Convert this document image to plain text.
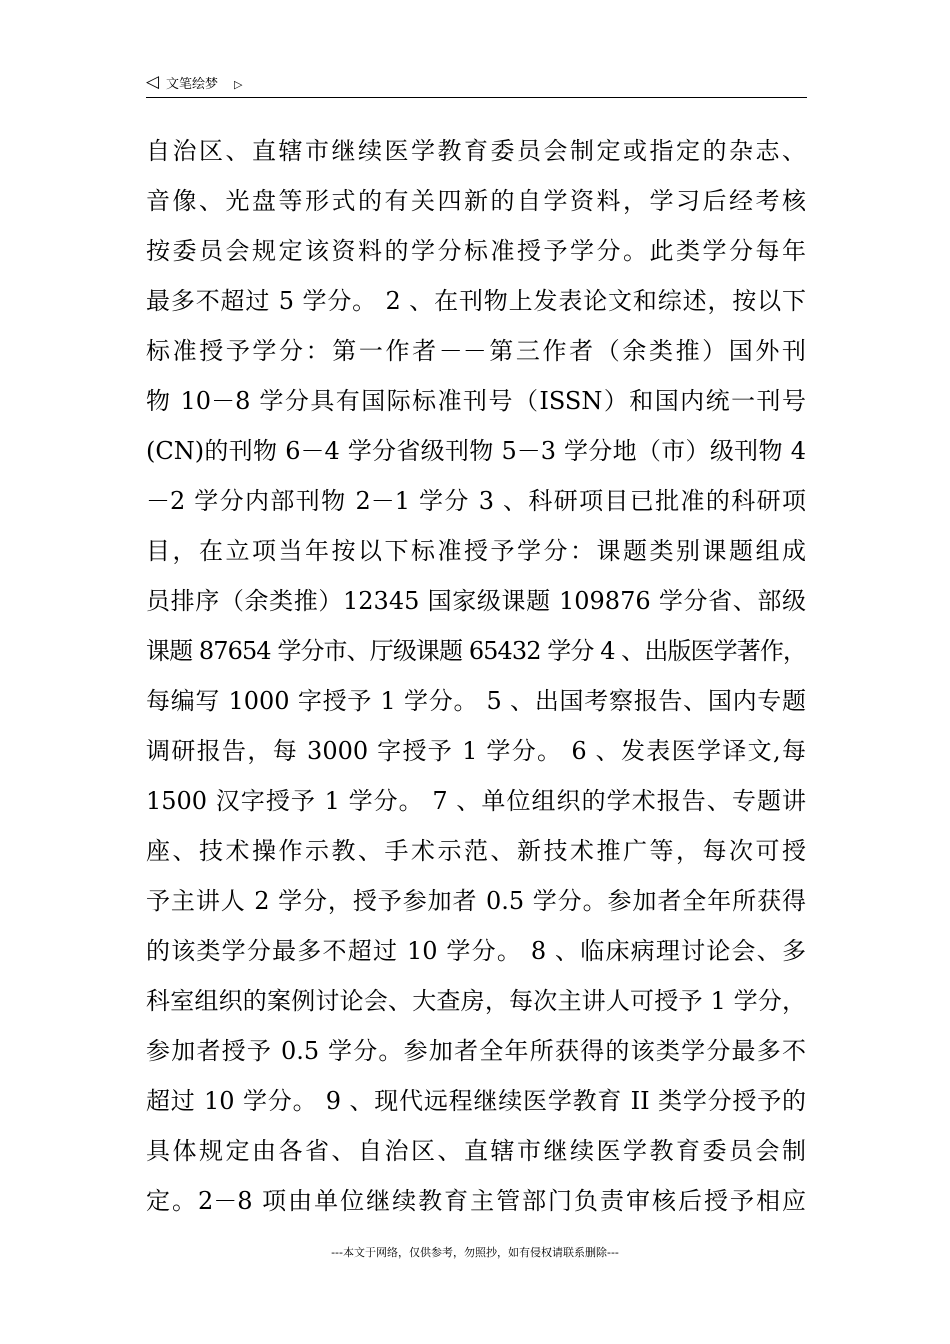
◁ 文笔绘梦 ▷
自治区、直辖市继续医学教育委员会制定或指定的杂志、
音像、光盘等形式的有关四新的自学资料，学习后经考核
按委员会规定该资料的学分标准授予学分。此类学分每年
最多不超过 5 学分。 2 、在刊物上发表论文和综述，按以下
标准授予学分：第一作者－－第三作者（余类推）国外刊
物 10－8 学分具有国际标准刊号（ISSN）和国内统一刊号
(CN)的刊物 6－4 学分省级刊物 5－3 学分地（市）级刊物 4
－2 学分内部刊物 2－1 学分 3 、科研项目已批准的科研项
目，在立项当年按以下标准授予学分：课题类别课题组成
员排序（余类推）12345 国家级课题 109876 学分省、部级
课题 87654 学分市、厅级课题 65432 学分 4 、出版医学著作，
每编写 1000 字授予 1 学分。 5 、出国考察报告、国内专题
调研报告，每 3000 字授予 1 学分。 6 、发表医学译文,每
1500 汉字授予 1 学分。 7 、单位组织的学术报告、专题讲
座、技术操作示教、手术示范、新技术推广等，每次可授
予主讲人 2 学分，授予参加者 0.5 学分。参加者全年所获得
的该类学分最多不超过 10 学分。 8 、临床病理讨论会、多
科室组织的案例讨论会、大查房，每次主讲人可授予 1 学分，
参加者授予 0.5 学分。参加者全年所获得的该类学分最多不
超过 10 学分。 9 、现代远程继续医学教育 II 类学分授予的
具体规定由各省、自治区、直辖市继续医学教育委员会制
定。2－8 项由单位继续教育主管部门负责审核后授予相应
---本文于网络，仅供参考，勿照抄，如有侵权请联系删除---
